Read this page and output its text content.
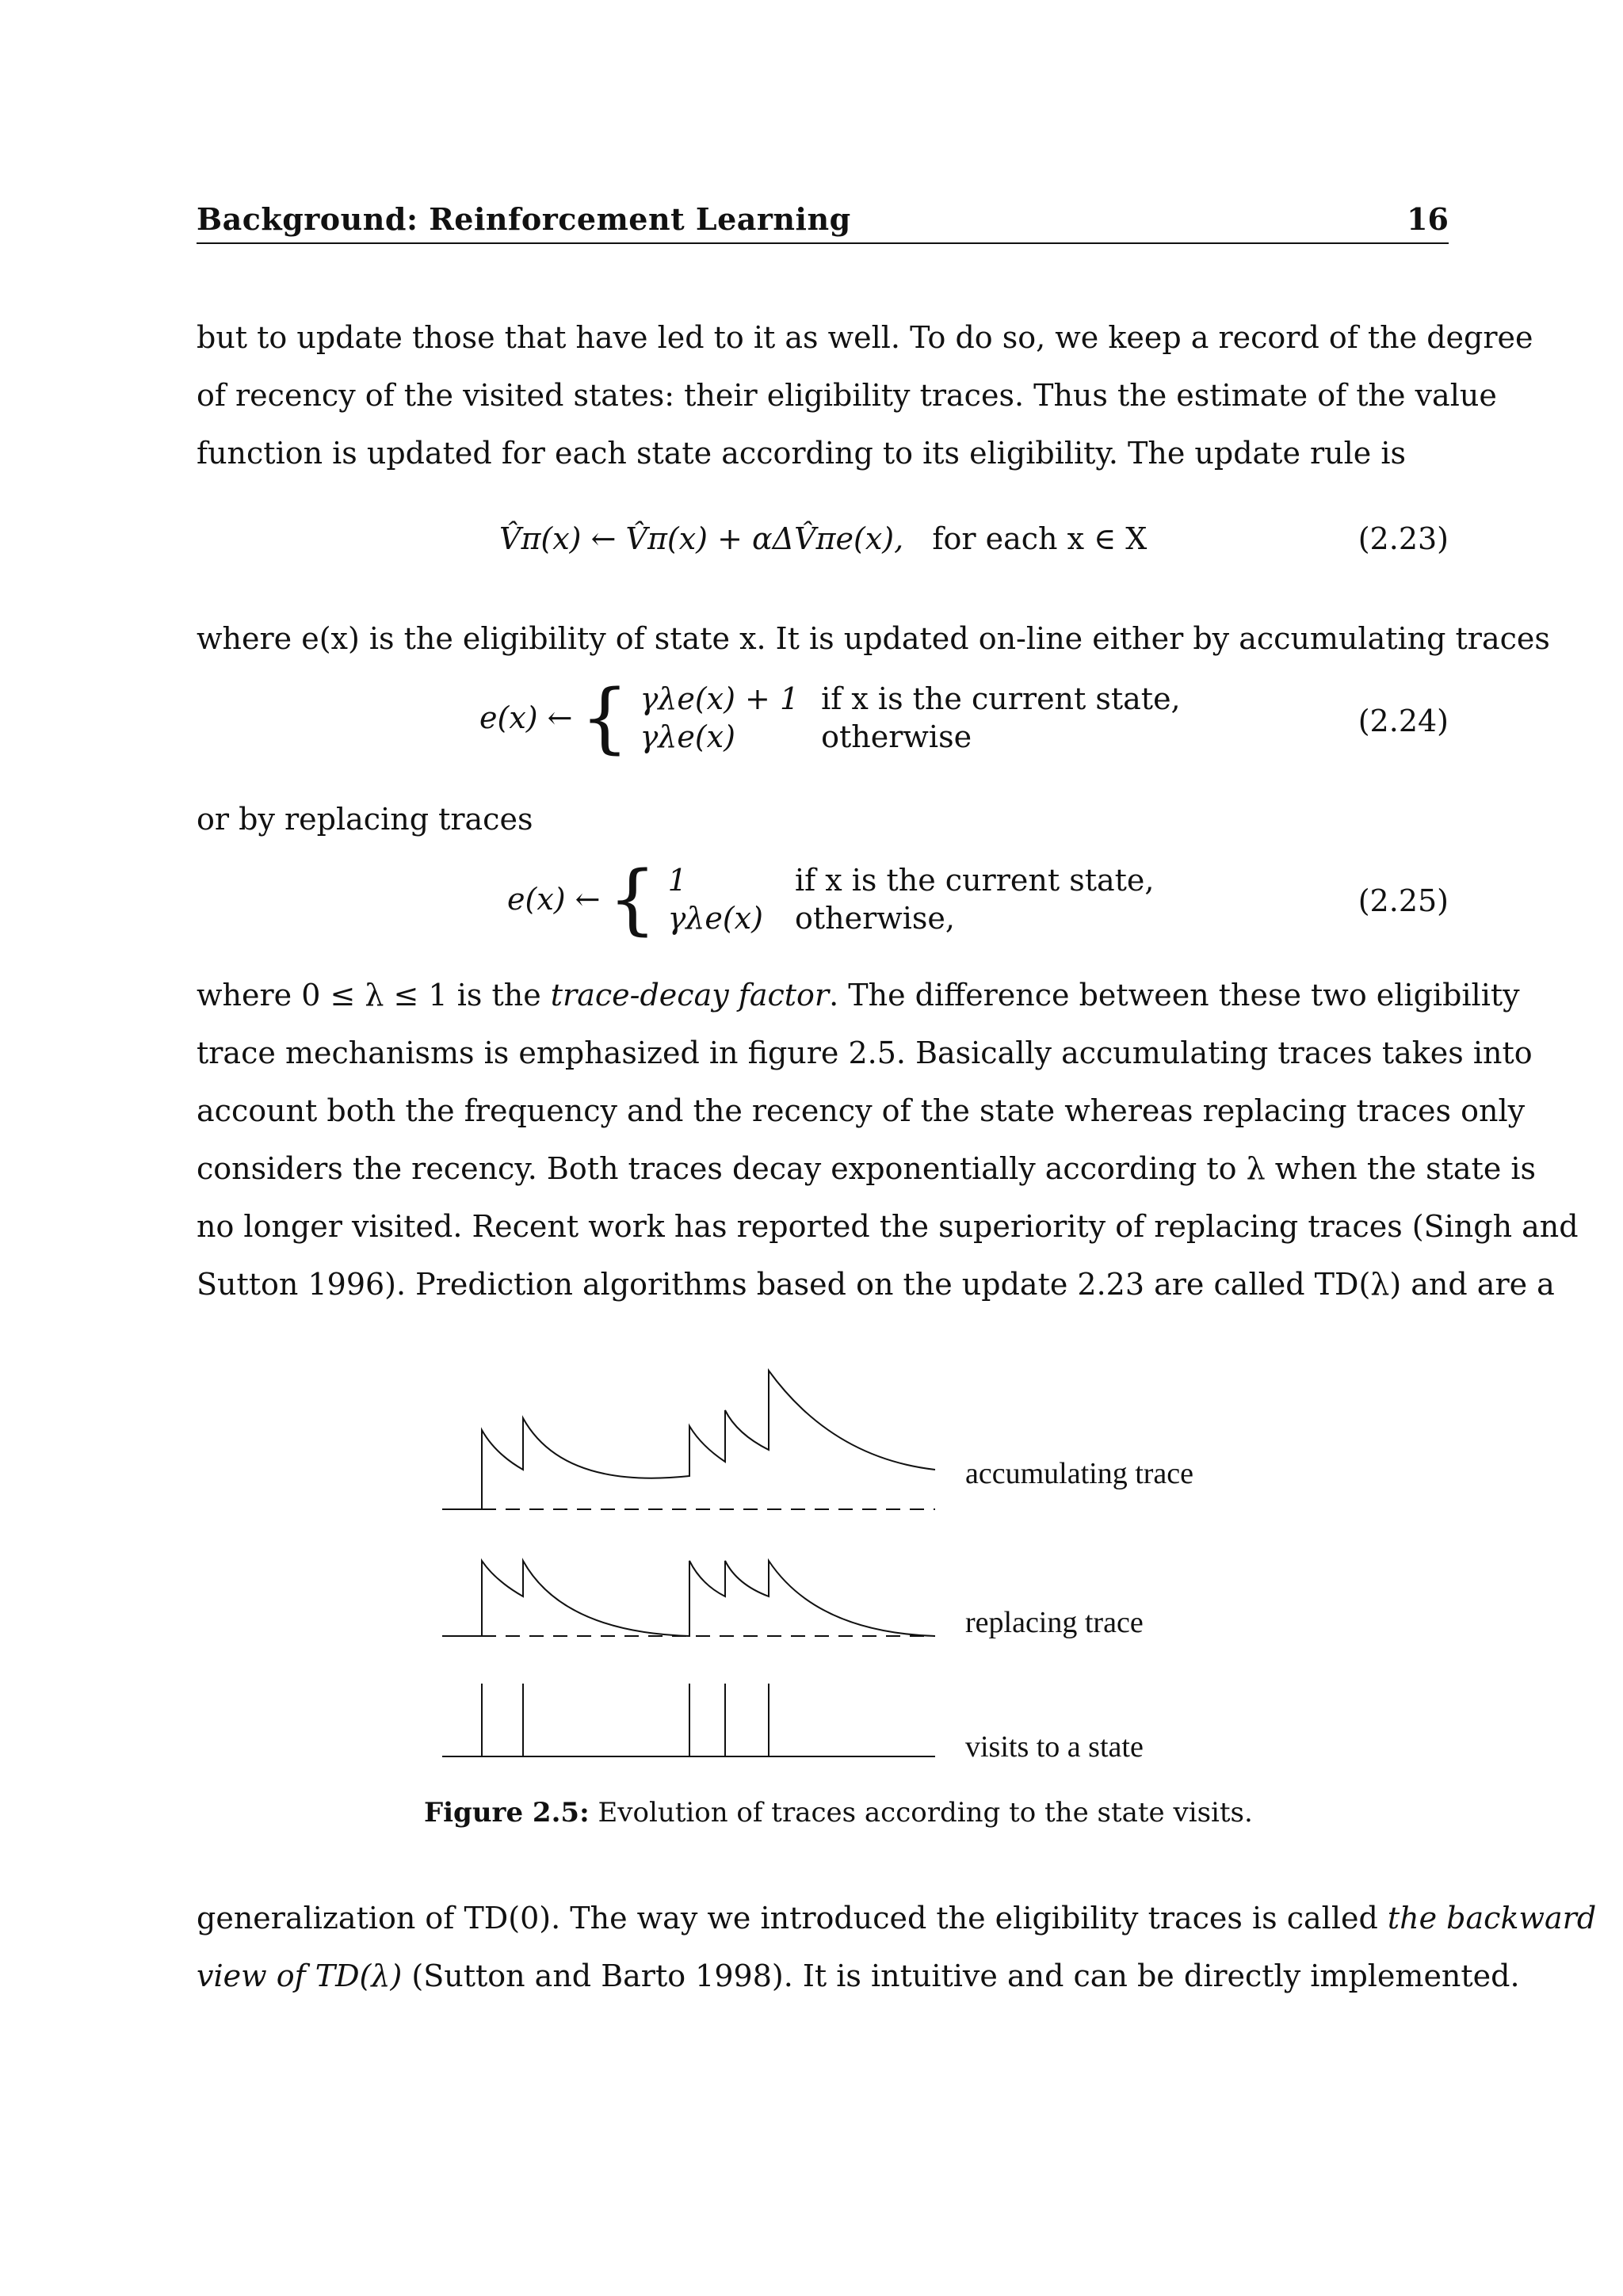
Background: Reinforcement Learning	16
but to update those that have led to it as well. To do so, we keep a record of the degree
of recency of the visited states: their eligibility traces. Thus the estimate of the value
function is updated for each state according to its eligibility. The update rule is
V̂π(x) ← V̂π(x) + αΔV̂πe(x), for each x ∈ X	(2.23)
where e(x) is the eligibility of state x. It is updated on-line either by accumulating traces
e(x) ← { γλe(x) + 1	if x is the current state,
γλe(x)	otherwise	(2.24)
or by replacing traces
e(x) ← { 1	if x is the current state,
γλe(x)	otherwise,	(2.25)
where 0 ≤ λ ≤ 1 is the trace-decay factor. The difference between these two eligibility
trace mechanisms is emphasized in figure 2.5. Basically accumulating traces takes into
account both the frequency and the recency of the state whereas replacing traces only
considers the recency. Both traces decay exponentially according to λ when the state is
no longer visited. Recent work has reported the superiority of replacing traces (Singh and
Sutton 1996). Prediction algorithms based on the update 2.23 are called TD(λ) and are a
accumulating trace
replacing trace
visits to a state
Figure 2.5: Evolution of traces according to the state visits.
generalization of TD(0). The way we introduced the eligibility traces is called the backward
view of TD(λ) (Sutton and Barto 1998). It is intuitive and can be directly implemented.
